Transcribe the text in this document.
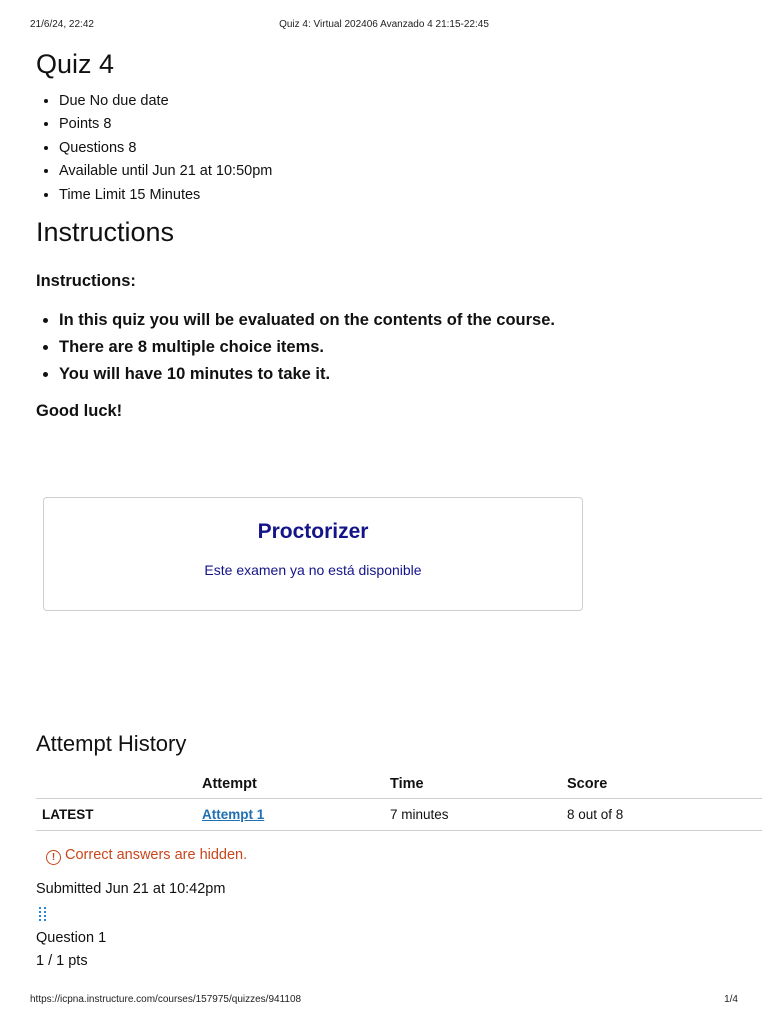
21/6/24, 22:42	Quiz 4: Virtual 202406 Avanzado 4 21:15-22:45
Quiz 4
• Due No due date
• Points 8
• Questions 8
• Available until Jun 21 at 10:50pm
• Time Limit 15 Minutes
Instructions
Instructions:
• In this quiz you will be evaluated on the contents of the course.
• There are 8 multiple choice items.
• You will have 10 minutes to take it.
Good luck!
Proctorizer
Este examen ya no está disponible
Attempt History
	Attempt	Time	Score
LATEST	Attempt 1	7 minutes	8 out of 8
! Correct answers are hidden.
Submitted Jun 21 at 10:42pm
Question 1
1 / 1 pts
https://icpna.instructure.com/courses/157975/quizzes/941108	1/4
